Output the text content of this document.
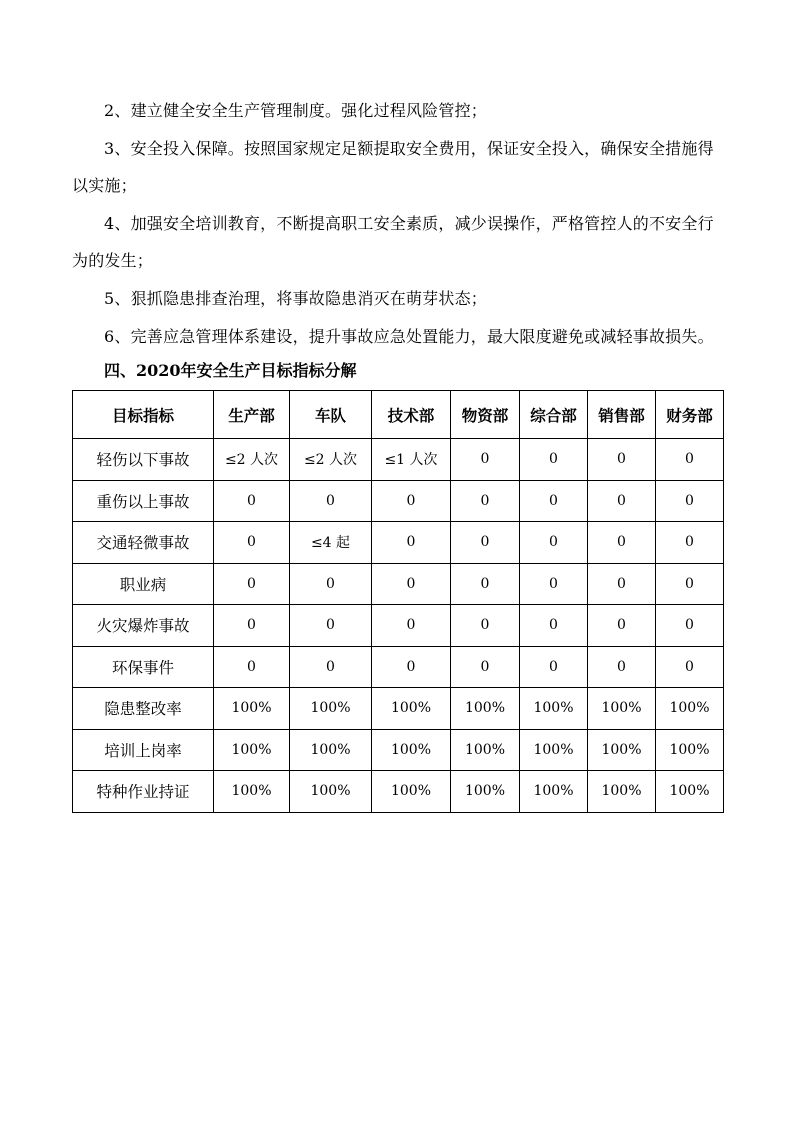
2、建立健全安全生产管理制度。强化过程风险管控；

3、安全投入保障。按照国家规定足额提取安全费用，保证安全投入，确保安全措施得以实施；

4、加强安全培训教育，不断提高职工安全素质，减少误操作，严格管控人的不安全行为的发生；

5、狠抓隐患排查治理，将事故隐患消灭在萌芽状态；

6、完善应急管理体系建设，提升事故应急处置能力，最大限度避免或减轻事故损失。

四、2020年安全生产目标指标分解
目标指标	生产部	车队	技术部	物资部	综合部	销售部	财务部
轻伤以下事故	≤2 人次	≤2 人次	≤1 人次	0	0	0	0
重伤以上事故	0	0	0	0	0	0	0
交通轻微事故	0	≤4 起	0	0	0	0	0
职业病	0	0	0	0	0	0	0
火灾爆炸事故	0	0	0	0	0	0	0
环保事件	0	0	0	0	0	0	0
隐患整改率	100%	100%	100%	100%	100%	100%	100%
培训上岗率	100%	100%	100%	100%	100%	100%	100%
特种作业持证	100%	100%	100%	100%	100%	100%	100%
